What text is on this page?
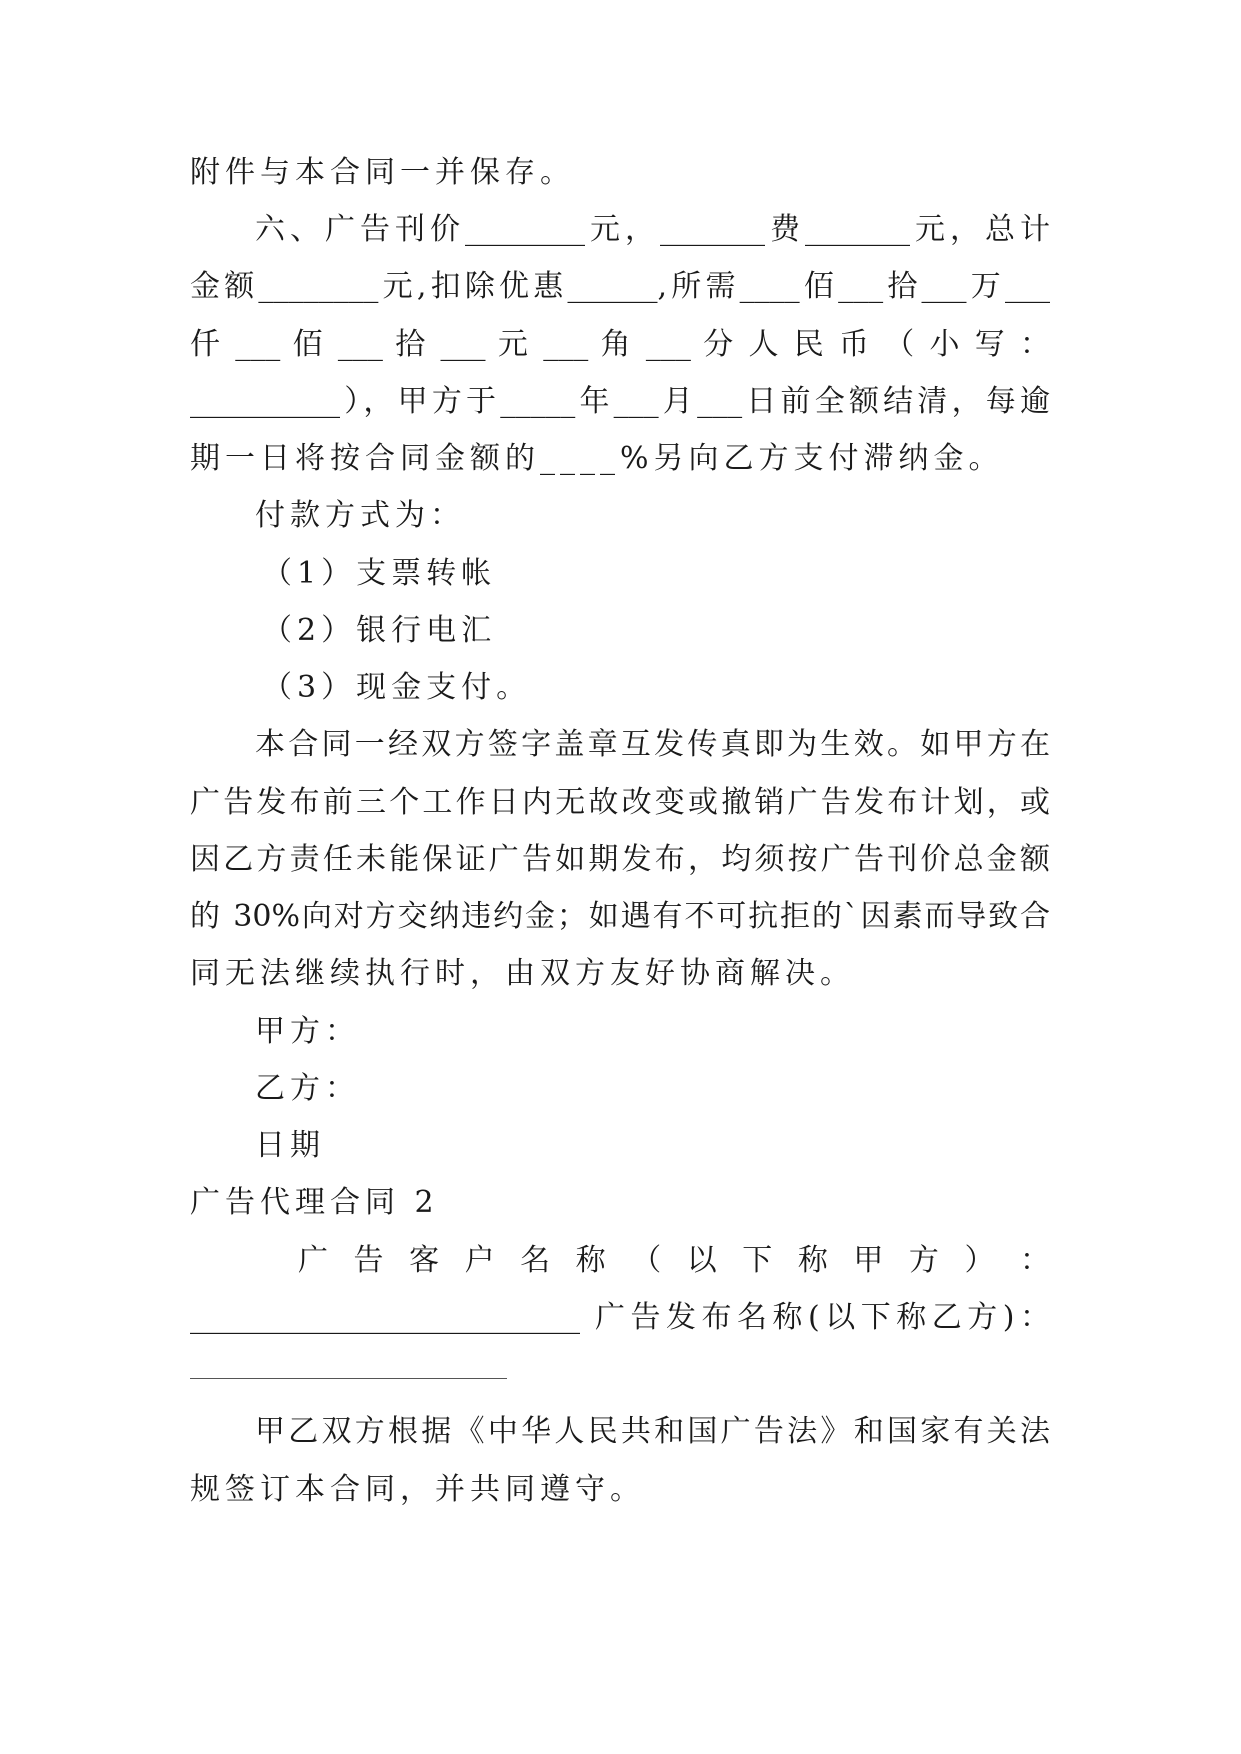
附件与本合同一并保存。
六、广告刊价________元，_______费_______元，总计
金额________元,扣除优惠______,所需____佰___拾___万___
仟 ___ 佰 ___ 拾 ___ 元 ___ 角 ___ 分 人 民 币 （ 小 写 ：
__________），甲方于_____年___月___日前全额结清，每逾
期一日将按合同金额的____%另向乙方支付滞纳金。
付款方式为：
（1）支票转帐
（2）银行电汇
（3）现金支付。
本合同一经双方签字盖章互发传真即为生效。如甲方在
广告发布前三个工作日内无故改变或撤销广告发布计划，或
因乙方责任未能保证广告如期发布，均须按广告刊价总金额
的 30%向对方交纳违约金；如遇有不可抗拒的`因素而导致合
同无法继续执行时，由双方友好协商解决。
甲方：
乙方：
日期
广告代理合同 2
广 告 客 户 名 称 （ 以 下 称 甲 方 ） ：
__________________________ 广告发布名称(以下称乙方)：
甲乙双方根据《中华人民共和国广告法》和国家有关法
规签订本合同，并共同遵守。
